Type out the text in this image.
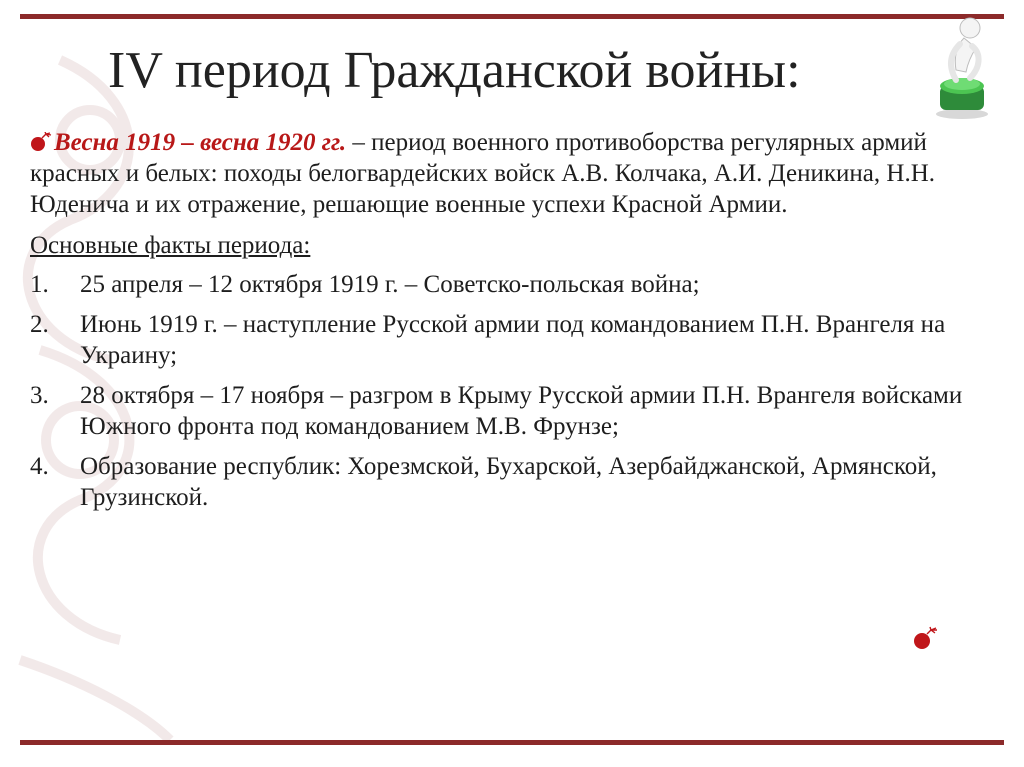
IV период Гражданской войны:

Весна 1919 – весна 1920 гг. – период военного противоборства регулярных армий красных и белых: походы белогвардейских войск А.В. Колчака, А.И. Деникина, Н.Н. Юденича и их отражение, решающие военные успехи Красной Армии.

Основные факты периода:

1.	25 апреля – 12 октября 1919 г. – Советско-польская война;
2.	Июнь 1919 г. – наступление Русской армии под командованием П.Н. Врангеля на Украину;
3.	28 октября – 17 ноября – разгром в Крыму Русской армии П.Н. Врангеля войсками Южного фронта под командованием М.В. Фрунзе;
4.	Образование республик: Хорезмской, Бухарской, Азербайджанской, Армянской, Грузинской.
